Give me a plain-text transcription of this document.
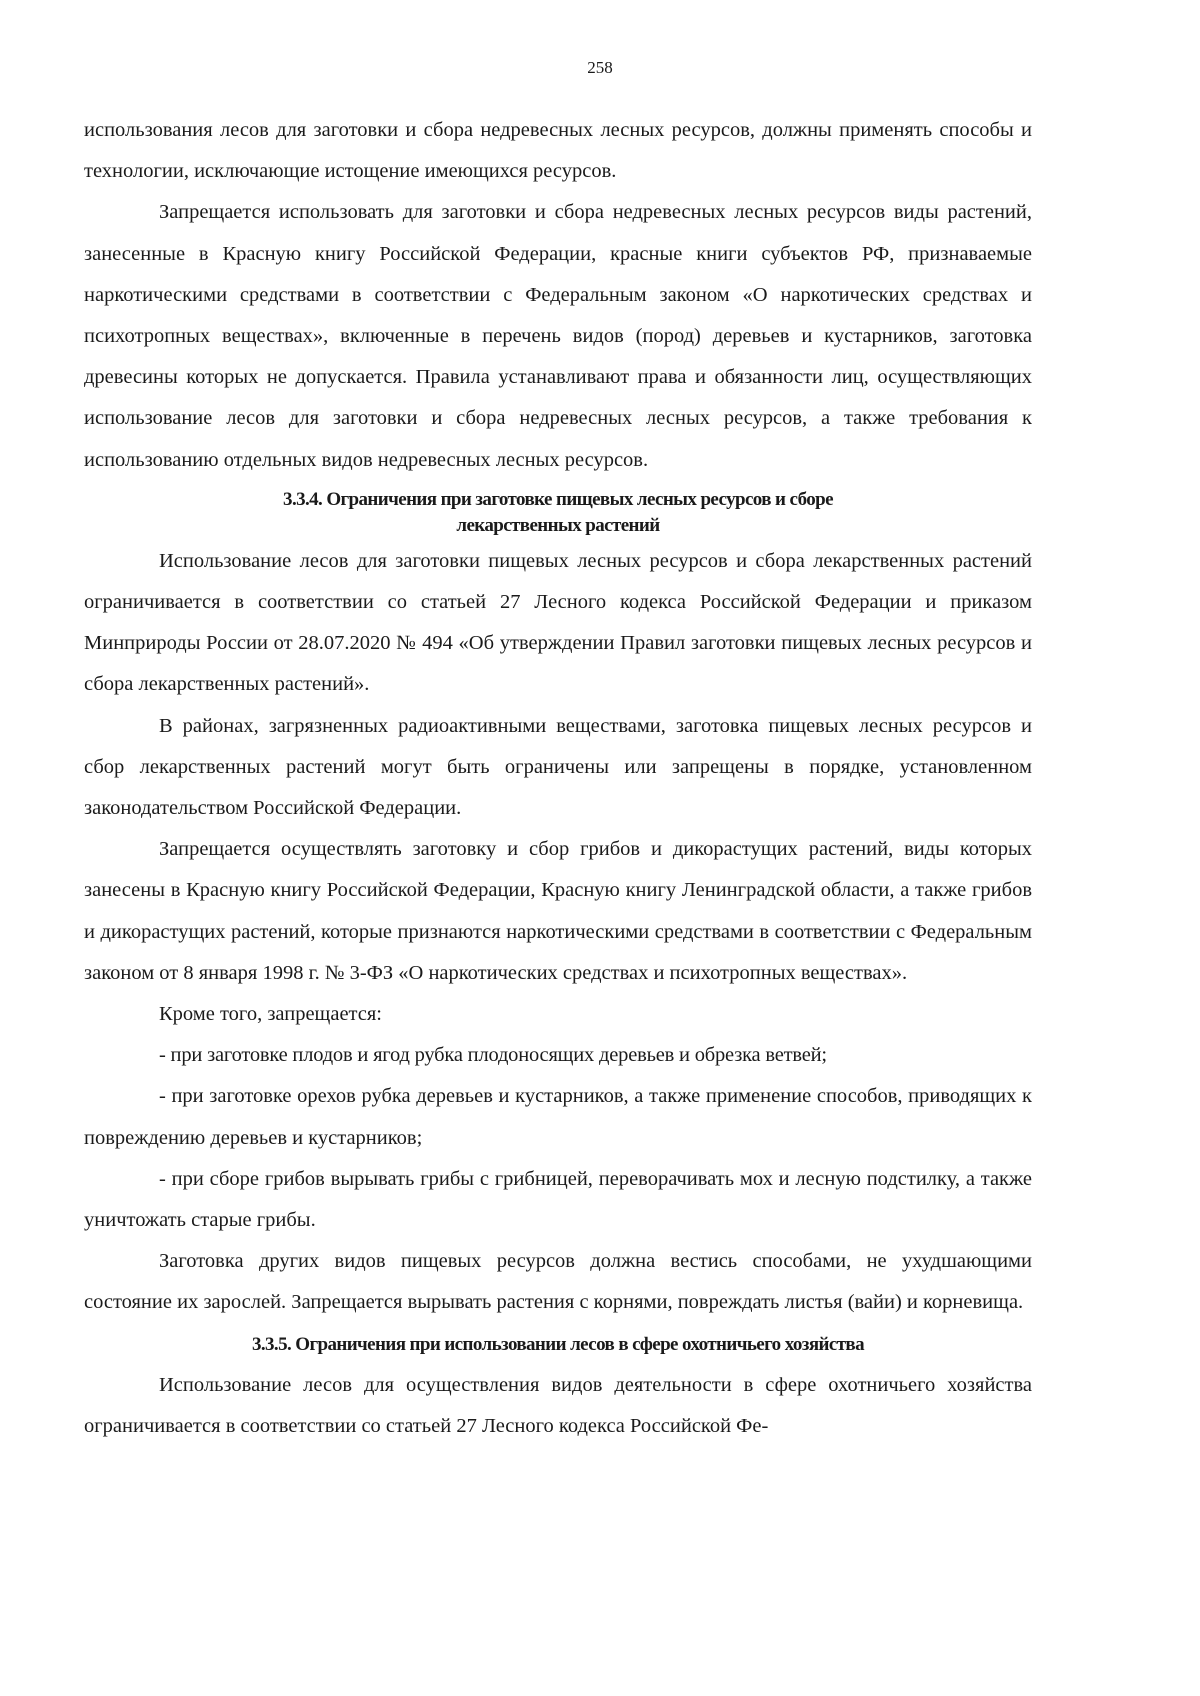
258

использования лесов для заготовки и сбора недревесных лесных ресурсов, должны применять способы и технологии, исключающие истощение имеющихся ресурсов.

Запрещается использовать для заготовки и сбора недревесных лесных ресурсов виды растений, занесенные в Красную книгу Российской Федерации, красные книги субъектов РФ, признаваемые наркотическими средствами в соответствии с Федеральным законом «О наркотических средствах и психотропных веществах», включенные в перечень видов (пород) деревьев и кустарников, заготовка древесины которых не допускается. Правила устанавливают права и обязанности лиц, осуществляющих использование лесов для заготовки и сбора недревесных лесных ресурсов, а также требования к использованию отдельных видов недревесных лесных ресурсов.

3.3.4. Ограничения при заготовке пищевых лесных ресурсов и сборе
лекарственных растений

Использование лесов для заготовки пищевых лесных ресурсов и сбора лекарственных растений ограничивается в соответствии со статьей 27 Лесного кодекса Российской Федерации и приказом Минприроды России от 28.07.2020 № 494 «Об утверждении Правил заготовки пищевых лесных ресурсов и сбора лекарственных растений».

В районах, загрязненных радиоактивными веществами, заготовка пищевых лесных ресурсов и сбор лекарственных растений могут быть ограничены или запрещены в порядке, установленном законодательством Российской Федерации.

Запрещается осуществлять заготовку и сбор грибов и дикорастущих растений, виды которых занесены в Красную книгу Российской Федерации, Красную книгу Ленинградской области, а также грибов и дикорастущих растений, которые признаются наркотическими средствами в соответствии с Федеральным законом от 8 января 1998 г. № 3-ФЗ «О наркотических средствах и психотропных веществах».

Кроме того, запрещается:

- при заготовке плодов и ягод рубка плодоносящих деревьев и обрезка ветвей;

- при заготовке орехов рубка деревьев и кустарников, а также применение способов, приводящих к повреждению деревьев и кустарников;

- при сборе грибов вырывать грибы с грибницей, переворачивать мох и лесную подстилку, а также уничтожать старые грибы.

Заготовка других видов пищевых ресурсов должна вестись способами, не ухудшающими состояние их зарослей. Запрещается вырывать растения с корнями, повреждать листья (вайи) и корневища.

3.3.5. Ограничения при использовании лесов в сфере охотничьего хозяйства

Использование лесов для осуществления видов деятельности в сфере охотничьего хозяйства ограничивается в соответствии со статьей 27 Лесного кодекса Российской Фе-
